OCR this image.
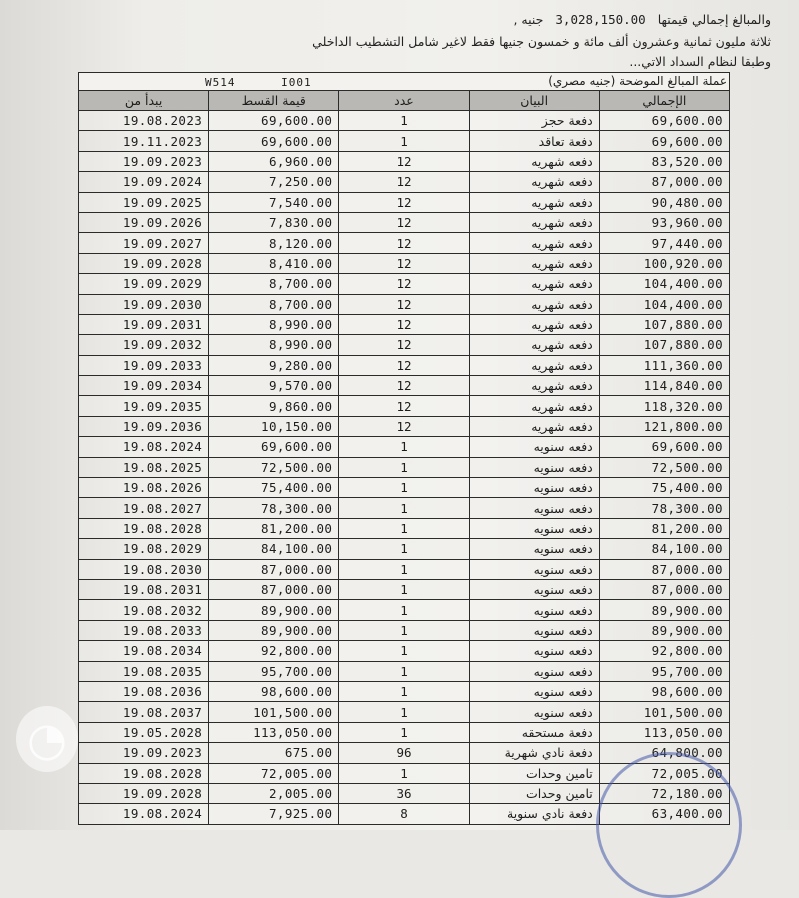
والمبالغ إجمالي قيمتها 3,028,150.00 جنيه ,
ثلاثة مليون ثمانية وعشرون ألف مائة و خمسون جنيها فقط لاغير شامل التشطيب الداخلي
وطبقا لنظام السداد الاتي...
W514 I001 عملة المبالغ الموضحة (جنيه مصري)				

يبدأ من	قيمة القسط	عدد	البيان	الإجمالي
19.08.2023	69,600.00	1	دفعة حجز	69,600.00
19.11.2023	69,600.00	1	دفعة تعاقد	69,600.00
19.09.2023	6,960.00	12	دفعه شهريه	83,520.00
19.09.2024	7,250.00	12	دفعه شهريه	87,000.00
19.09.2025	7,540.00	12	دفعه شهريه	90,480.00
19.09.2026	7,830.00	12	دفعه شهريه	93,960.00
19.09.2027	8,120.00	12	دفعه شهريه	97,440.00
19.09.2028	8,410.00	12	دفعه شهريه	100,920.00
19.09.2029	8,700.00	12	دفعه شهريه	104,400.00
19.09.2030	8,700.00	12	دفعه شهريه	104,400.00
19.09.2031	8,990.00	12	دفعه شهريه	107,880.00
19.09.2032	8,990.00	12	دفعه شهريه	107,880.00
19.09.2033	9,280.00	12	دفعه شهريه	111,360.00
19.09.2034	9,570.00	12	دفعه شهريه	114,840.00
19.09.2035	9,860.00	12	دفعه شهريه	118,320.00
19.09.2036	10,150.00	12	دفعه شهريه	121,800.00
19.08.2024	69,600.00	1	دفعه سنويه	69,600.00
19.08.2025	72,500.00	1	دفعه سنويه	72,500.00
19.08.2026	75,400.00	1	دفعه سنويه	75,400.00
19.08.2027	78,300.00	1	دفعه سنويه	78,300.00
19.08.2028	81,200.00	1	دفعه سنويه	81,200.00
19.08.2029	84,100.00	1	دفعه سنويه	84,100.00
19.08.2030	87,000.00	1	دفعه سنويه	87,000.00
19.08.2031	87,000.00	1	دفعه سنويه	87,000.00
19.08.2032	89,900.00	1	دفعه سنويه	89,900.00
19.08.2033	89,900.00	1	دفعه سنويه	89,900.00
19.08.2034	92,800.00	1	دفعه سنويه	92,800.00
19.08.2035	95,700.00	1	دفعه سنويه	95,700.00
19.08.2036	98,600.00	1	دفعه سنويه	98,600.00
19.08.2037	101,500.00	1	دفعه سنويه	101,500.00
19.05.2028	113,050.00	1	دفعة مستحقه	113,050.00
19.09.2023	675.00	96	دفعة نادي شهرية	64,800.00
19.08.2028	72,005.00	1	تامين وحدات	72,005.00
19.09.2028	2,005.00	36	تامين وحدات	72,180.00
19.08.2024	7,925.00	8	دفعة نادي سنوية	63,400.00
◔
